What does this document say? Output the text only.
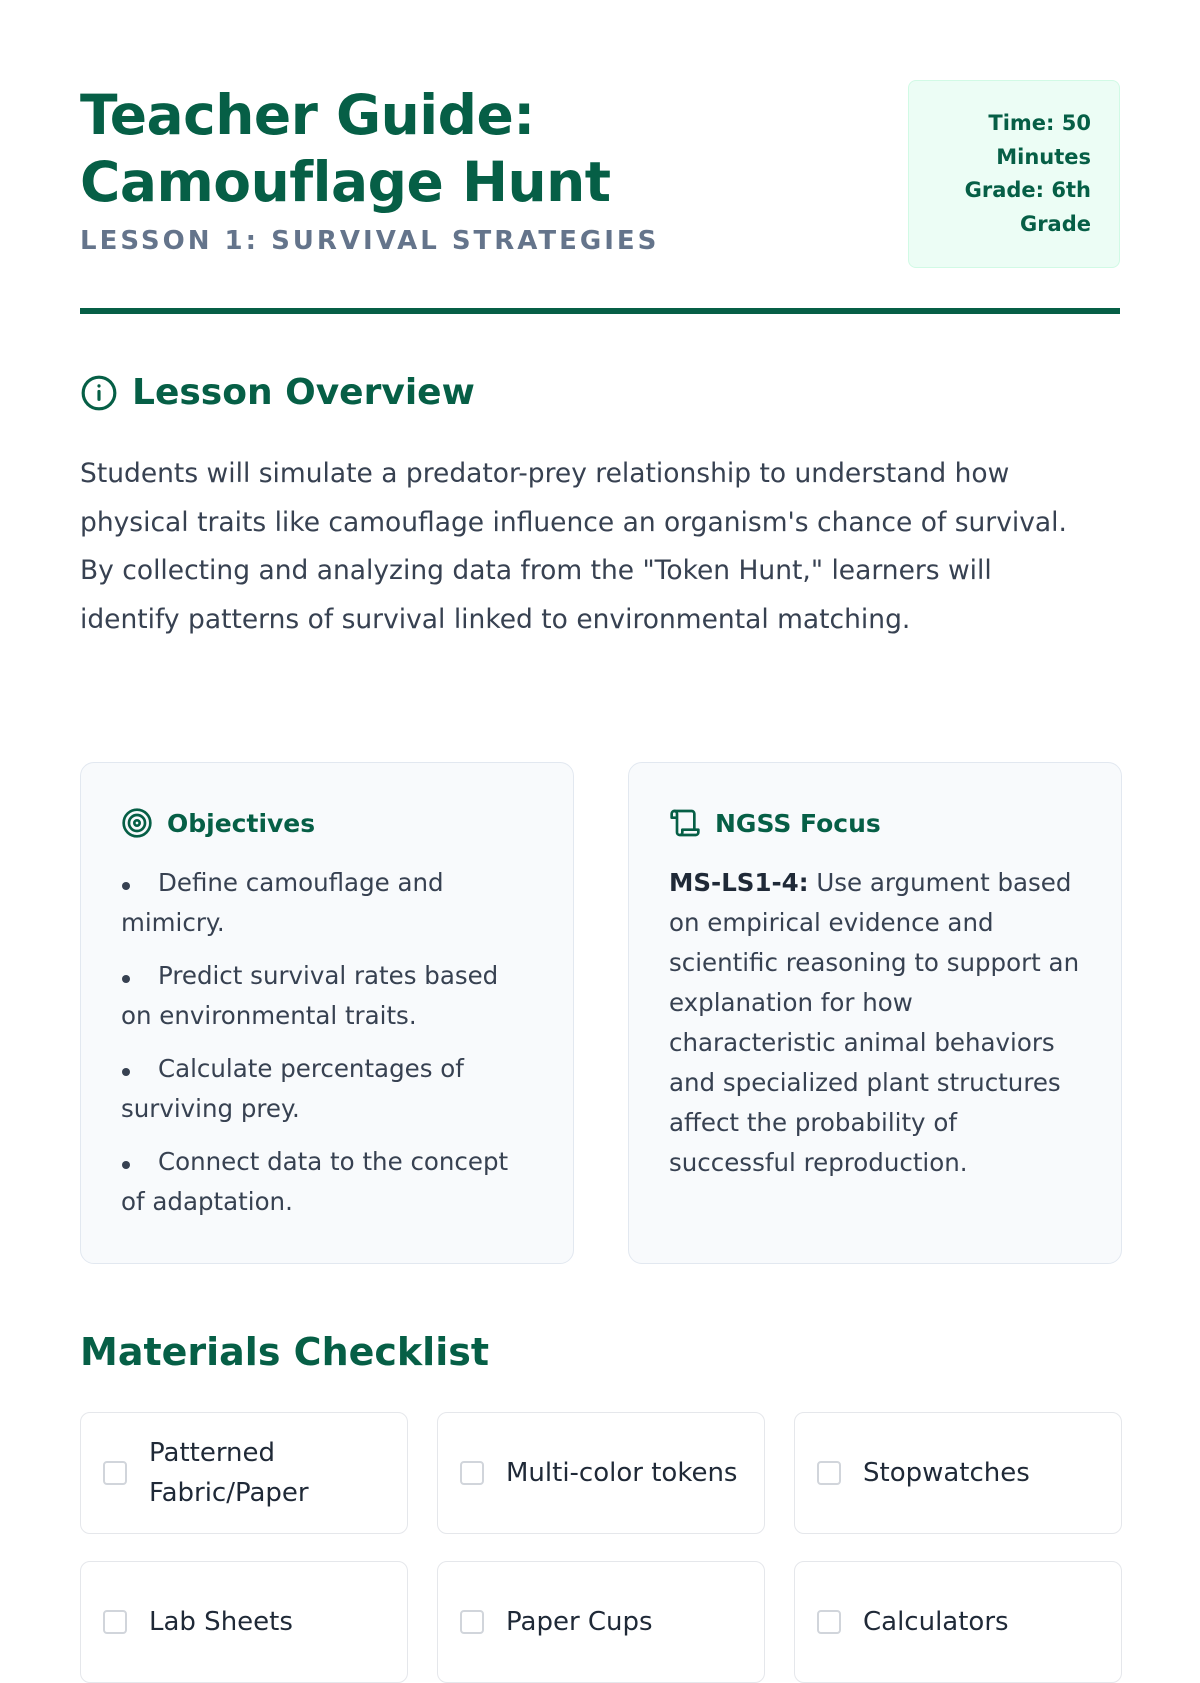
Teacher Guide: Camouflage Hunt
LESSON 1: SURVIVAL STRATEGIES
Time: 50 Minutes
Grade: 6th Grade
Lesson Overview

Students will simulate a predator-prey relationship to understand how physical traits like camouflage influence an organism's chance of survival. By collecting and analyzing data from the "Token Hunt," learners will identify patterns of survival linked to environmental matching.

Objectives
Define camouflage and mimicry.
Predict survival rates based on environmental traits.
Calculate percentages of surviving prey.
Connect data to the concept of adaptation.
NGSS Focus

MS-LS1-4: Use argument based on empirical evidence and scientific reasoning to support an explanation for how characteristic animal behaviors and specialized plant structures affect the probability of successful reproduction.

Materials Checklist
Patterned Fabric/Paper
Multi-color tokens	Stopwatches
Lab Sheets	Paper Cups	Calculators
